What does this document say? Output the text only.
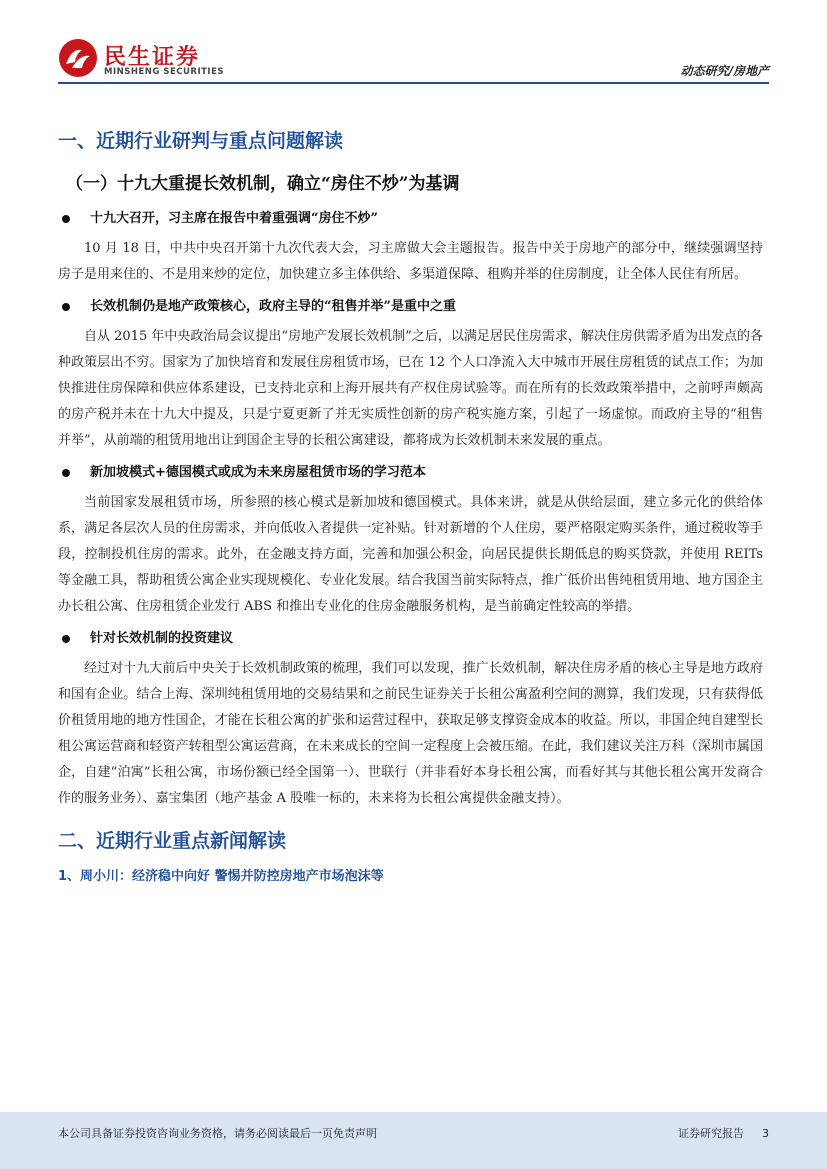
民生证券
MINSHENG SECURITIES	动态研究/房地产
一、近期行业研判与重点问题解读
（一）十九大重提长效机制，确立“房住不炒”为基调
十九大召开，习主席在报告中着重强调“房住不炒”

10 月 18 日，中共中央召开第十九次代表大会，习主席做大会主题报告。报告中关于房地产的部分中，继续强调坚持房子是用来住的、不是用来炒的定位，加快建立多主体供给、多渠道保障、租购并举的住房制度，让全体人民住有所居。

长效机制仍是地产政策核心，政府主导的“租售并举”是重中之重

自从 2015 年中央政治局会议提出“房地产发展长效机制”之后，以满足居民住房需求，解决住房供需矛盾为出发点的各种政策层出不穷。国家为了加快培育和发展住房租赁市场，已在 12 个人口净流入大中城市开展住房租赁的试点工作；为加快推进住房保障和供应体系建设，已支持北京和上海开展共有产权住房试验等。而在所有的长效政策举措中，之前呼声颇高的房产税并未在十九大中提及，只是宁夏更新了并无实质性创新的房产税实施方案，引起了一场虚惊。而政府主导的“租售并举”，从前端的租赁用地出让到国企主导的长租公寓建设，都将成为长效机制未来发展的重点。

新加坡模式+德国模式或成为未来房屋租赁市场的学习范本

当前国家发展租赁市场，所参照的核心模式是新加坡和德国模式。具体来讲，就是从供给层面，建立多元化的供给体系，满足各层次人员的住房需求，并向低收入者提供一定补贴。针对新增的个人住房，要严格限定购买条件，通过税收等手段，控制投机住房的需求。此外，在金融支持方面，完善和加强公积金，向居民提供长期低息的购买贷款，并使用 REITs 等金融工具，帮助租赁公寓企业实现规模化、专业化发展。结合我国当前实际特点，推广低价出售纯租赁用地、地方国企主办长租公寓、住房租赁企业发行 ABS 和推出专业化的住房金融服务机构，是当前确定性较高的举措。

针对长效机制的投资建议

经过对十九大前后中央关于长效机制政策的梳理，我们可以发现，推广长效机制，解决住房矛盾的核心主导是地方政府和国有企业。结合上海、深圳纯租赁用地的交易结果和之前民生证券关于长租公寓盈利空间的测算，我们发现，只有获得低价租赁用地的地方性国企，才能在长租公寓的扩张和运营过程中，获取足够支撑资金成本的收益。所以，非国企纯自建型长租公寓运营商和轻资产转租型公寓运营商，在未来成长的空间一定程度上会被压缩。在此，我们建议关注万科（深圳市属国企，自建“泊寓”长租公寓，市场份额已经全国第一）、世联行（并非看好本身长租公寓，而看好其与其他长租公寓开发商合作的服务业务）、嘉宝集团（地产基金 A 股唯一标的，未来将为长租公寓提供金融支持）。

二、近期行业重点新闻解读
1、周小川：经济稳中向好 警惕并防控房地产市场泡沫等
本公司具备证券投资咨询业务资格，请务必阅读最后一页免责声明	证券研究报告 3
